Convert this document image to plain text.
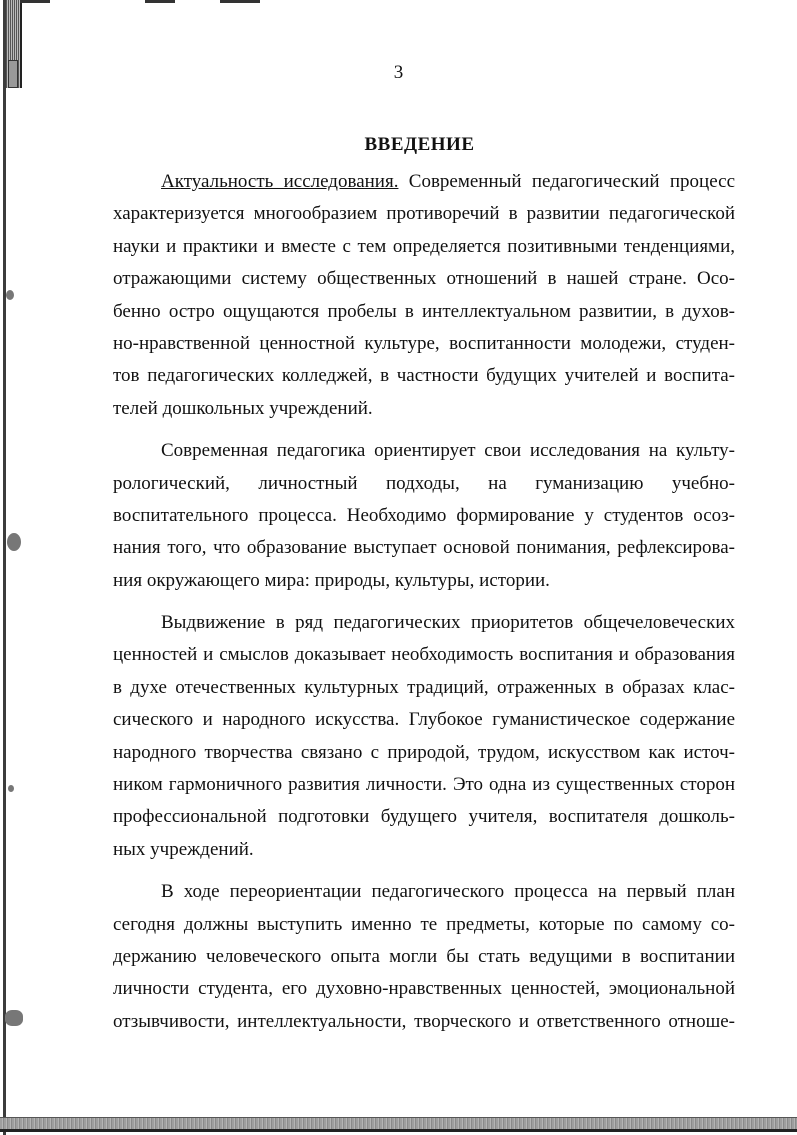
3
ВВЕДЕНИЕ
Актуальность исследования. Современный педагогический процесс
характеризуется многообразием противоречий в развитии педагогической
науки и практики и вместе с тем определяется позитивными тенденциями,
отражающими систему общественных отношений в нашей стране. Осо-
бенно остро ощущаются пробелы в интеллектуальном развитии, в духов-
но-нравственной ценностной культуре, воспитанности молодежи, студен-
тов педагогических колледжей, в частности будущих учителей и воспита-
телей дошкольных учреждений.
Современная педагогика ориентирует свои исследования на культу-
рологический, личностный подходы, на гуманизацию учебно-
воспитательного процесса. Необходимо формирование у студентов осоз-
нания того, что образование выступает основой понимания, рефлексирова-
ния окружающего мира: природы, культуры, истории.
Выдвижение в ряд педагогических приоритетов общечеловеческих
ценностей и смыслов доказывает необходимость воспитания и образования
в духе отечественных культурных традиций, отраженных в образах клас-
сического и народного искусства. Глубокое гуманистическое содержание
народного творчества связано с природой, трудом, искусством как источ-
ником гармоничного развития личности. Это одна из существенных сторон
профессиональной подготовки будущего учителя, воспитателя дошколь-
ных учреждений.
В ходе переориентации педагогического процесса на первый план
сегодня должны выступить именно те предметы, которые по самому со-
держанию человеческого опыта могли бы стать ведущими в воспитании
личности студента, его духовно-нравственных ценностей, эмоциональной
отзывчивости, интеллектуальности, творческого и ответственного отноше-
